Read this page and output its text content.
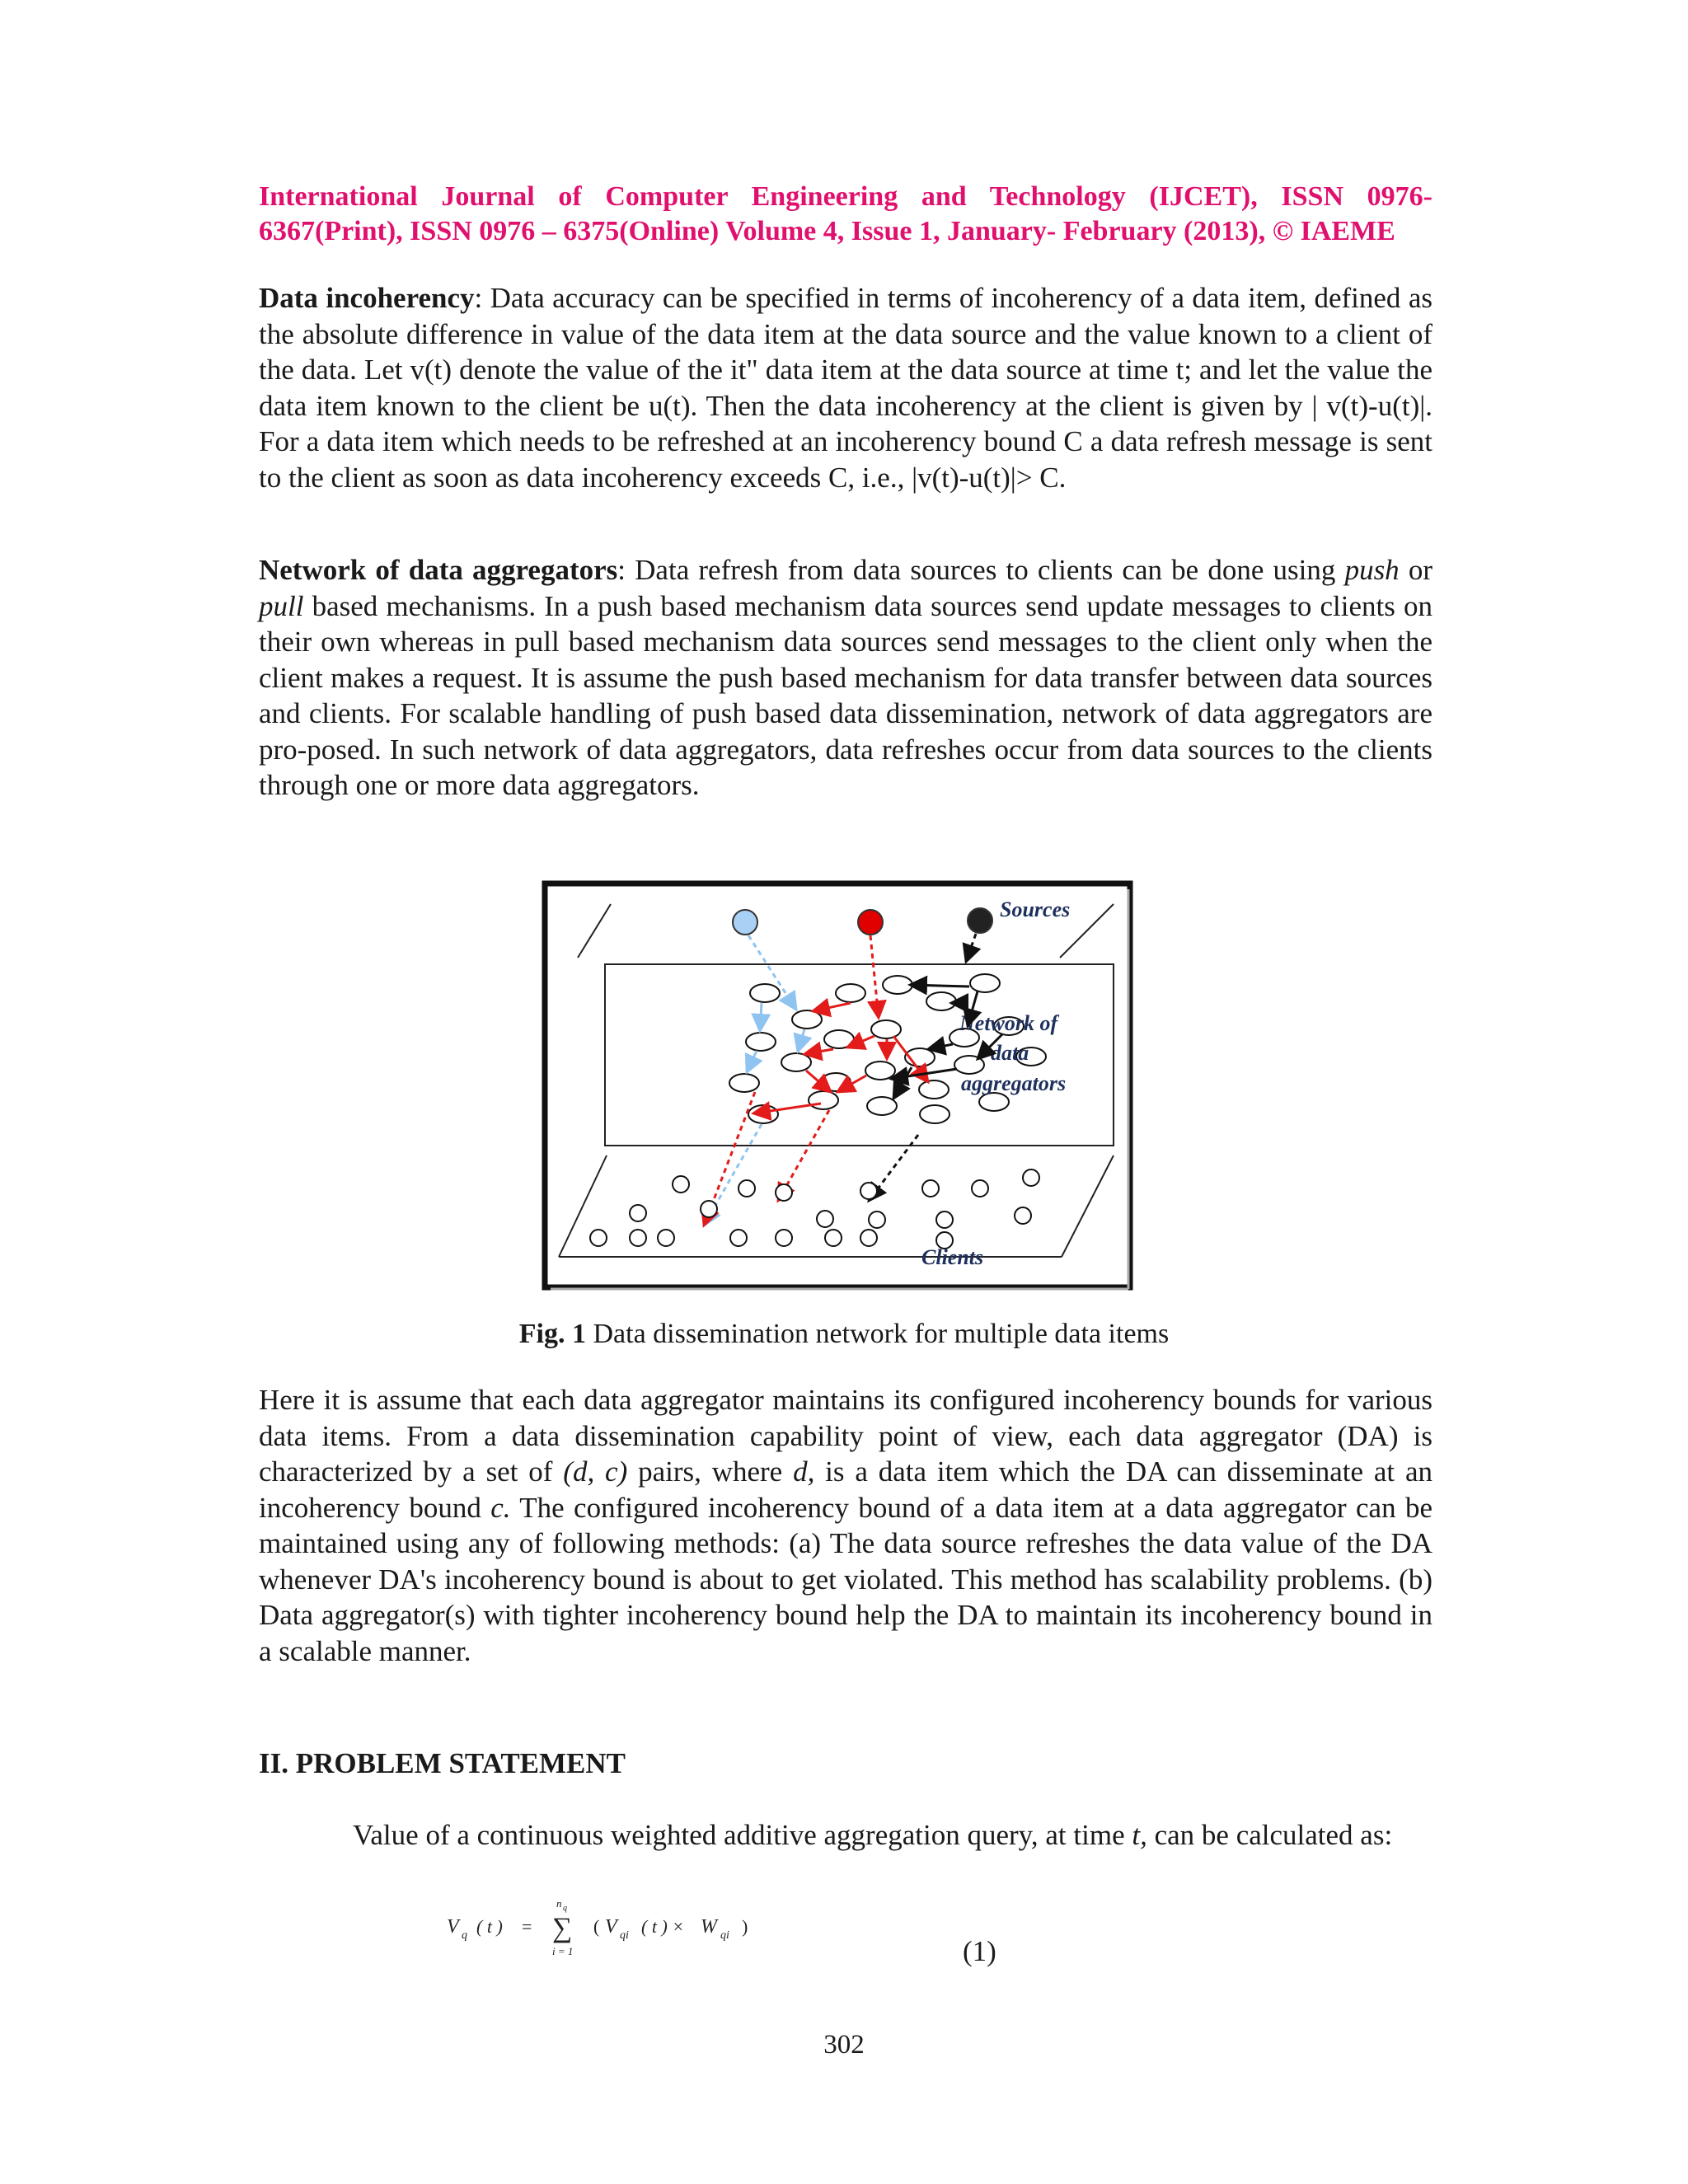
International Journal of Computer Engineering and Technology (IJCET), ISSN 0976-
6367(Print), ISSN 0976 – 6375(Online) Volume 4, Issue 1, January- February (2013), © IAEME
Data incoherency: Data accuracy can be specified in terms of incoherency of a data item, defined as the absolute difference in value of the data item at the data source and the value known to a client of the data. Let v(t) denote the value of the it" data item at the data source at time t; and let the value the data item known to the client be u(t). Then the data incoherency at the client is given by | v(t)-u(t)|. For a data item which needs to be refreshed at an incoherency bound C a data refresh message is sent to the client as soon as data incoherency exceeds C, i.e., |v(t)-u(t)|> C.
Network of data aggregators: Data refresh from data sources to clients can be done using push or pull based mechanisms. In a push based mechanism data sources send update messages to clients on their own whereas in pull based mechanism data sources send messages to the client only when the client makes a request. It is assume the push based mechanism for data transfer between data sources and clients. For scalable handling of push based data dissemination, network of data aggregators are pro-posed. In such network of data aggregators, data refreshes occur from data sources to the clients through one or more data aggregators.
Sources
Network of
data
aggregators
Clients
Fig. 1 Data dissemination network for multiple data items
Here it is assume that each data aggregator maintains its configured incoherency bounds for various data items. From a data dissemination capability point of view, each data aggregator (DA) is characterized by a set of (d, c) pairs, where d, is a data item which the DA can disseminate at an incoherency bound c. The configured incoherency bound of a data item at a data aggregator can be maintained using any of following methods: (a) The data source refreshes the data value of the DA whenever DA's incoherency bound is about to get violated. This method has scalability problems. (b) Data aggregator(s) with tighter incoherency bound help the DA to maintain its incoherency bound in a scalable manner.
II. PROBLEM STATEMENT
Value of a continuous weighted additive aggregation query, at time t, can be calculated as:
V q ( t ) = ∑
n q
i = 1
( V qi ( t ) × W qi )
(1)
302
